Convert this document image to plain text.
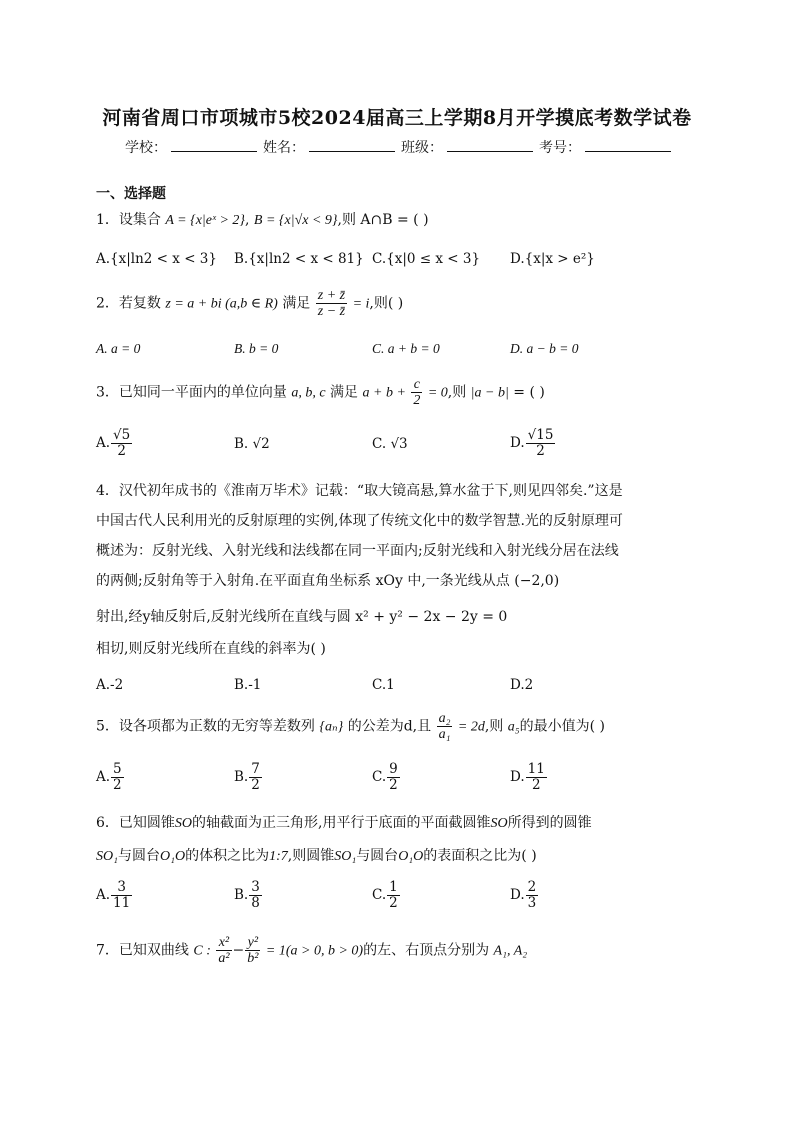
河南省周口市项城市5校2024届高三上学期8月开学摸底考数学试卷
学校：	姓名：	班级：	考号：
一、选择题
1．设集合 A = {x|eˣ > 2}, B = {x|√x < 9},则 A∩B = ( )
A.{x|ln2 < x < 3} B.{x|ln2 < x < 81} C.{x|0 ≤ x < 3} D.{x|x > e²}
2．若复数 z = a + bi (a,b ∈ R) 满足 $\frac{z + z̄}{z - z̄} = i$,则( )
A. a = 0	B. b = 0	C. a + b = 0	D. a − b = 0
3．已知同一平面内的单位向量 a, b, c 满足 $a + b + \frac{c}{2} = 0$,则 |a − b| = ( )
A. $\frac{√5}{2}$	B. √2	C. √3	D. $\frac{√15}{2}$
4．汉代初年成书的《淮南万毕术》记载：“取大镜高悬,算水盆于下,则见四邻矣.”这是
中国古代人民利用光的反射原理的实例,体现了传统文化中的数学智慧.光的反射原理可
概述为：反射光线、入射光线和法线都在同一平面内;反射光线和入射光线分居在法线
的两侧;反射角等于入射角.在平面直角坐标系 xOy 中,一条光线从点 (−2,0)
射出,经y轴反射后,反射光线所在直线与圆 x² + y² − 2x − 2y = 0
相切,则反射光线所在直线的斜率为( )
A.-2	B.-1	C.1	D.2
5．设各项都为正数的无穷等差数列 {aₙ} 的公差为d,且 $\frac{\text{a₂}}{\text{a₁}} = 2d$,则 a₅的最小值为( )
A. $\frac{5}{2}$	B. $\frac{7}{2}$	C. $\frac{9}{2}$	D. $\frac{11}{2}$
6．已知圆锥SO的轴截面为正三角形,用平行于底面的平面截圆锥SO所得到的圆锥
SO₁与圆台O₁O的体积之比为1:7,则圆锥SO₁与圆台O₁O的表面积之比为( )
A. $\frac{3}{11}$	B. $\frac{3}{8}$	C. $\frac{1}{2}$	D. $\frac{2}{3}$
7．已知双曲线 C : $\frac{\text{x²}}{\text{a²}} - \frac{\text{y²}}{\text{b²}} = 1(a > 0$, b > 0)的左、右顶点分别为 A₁, A₂
